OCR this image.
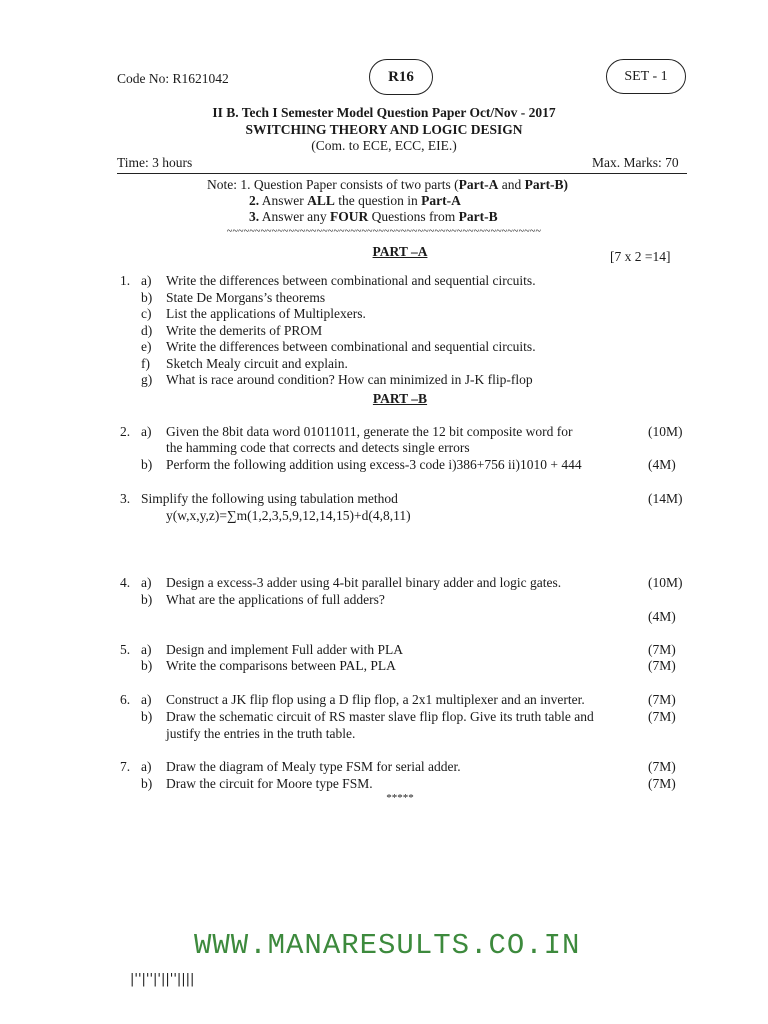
Code No: R1621042	R16	SET - 1
II B. Tech I Semester Model Question Paper Oct/Nov - 2017
SWITCHING THEORY AND LOGIC DESIGN
(Com. to ECE, ECC, EIE.)
Time: 3 hours	Max. Marks: 70
Note: 1. Question Paper consists of two parts (Part-A and Part-B)
2. Answer ALL the question in Part-A
3. Answer any FOUR Questions from Part-B
~~~~~~~~~~~~~~~~~~~~~~~~~~~~~~~~~~~~~~~~~~~~~~~~~~~~~~~~
PART –A	[7 x 2 =14]
1. a) Write the differences between combinational and sequential circuits.
b) State De Morgans’s theorems
c) List the applications of Multiplexers.
d) Write the demerits of PROM
e) Write the differences between combinational and sequential circuits.
f) Sketch Mealy circuit and explain.
g) What is race around condition? How can minimized in J-K flip-flop
PART –B
2. a) Given the 8bit data word 01011011, generate the 12 bit composite word for
the hamming code that corrects and detects single errors
(10M)
b) Perform the following addition using excess-3 code i)386+756 ii)1010 + 444	(4M)
3. Simplify the following using tabulation method	(14M)
y(w,x,y,z)=∑m(1,2,3,5,9,12,14,15)+d(4,8,11)
4. a) Design a excess-3 adder using 4-bit parallel binary adder and logic gates.	(10M)
b) What are the applications of full adders?
(4M)
5. a) Design and implement Full adder with PLA	(7M)
b) Write the comparisons between PAL, PLA	(7M)
6. a) Construct a JK flip flop using a D flip flop, a 2x1 multiplexer and an inverter.	(7M)
b) Draw the schematic circuit of RS master slave flip flop. Give its truth table and
justify the entries in the truth table.
(7M)
7. a) Draw the diagram of Mealy type FSM for serial adder.	(7M)
b) Draw the circuit for Moore type FSM.	(7M)
*****
WWW.MANARESULTS.CO.IN
|''|''|'||''||||
